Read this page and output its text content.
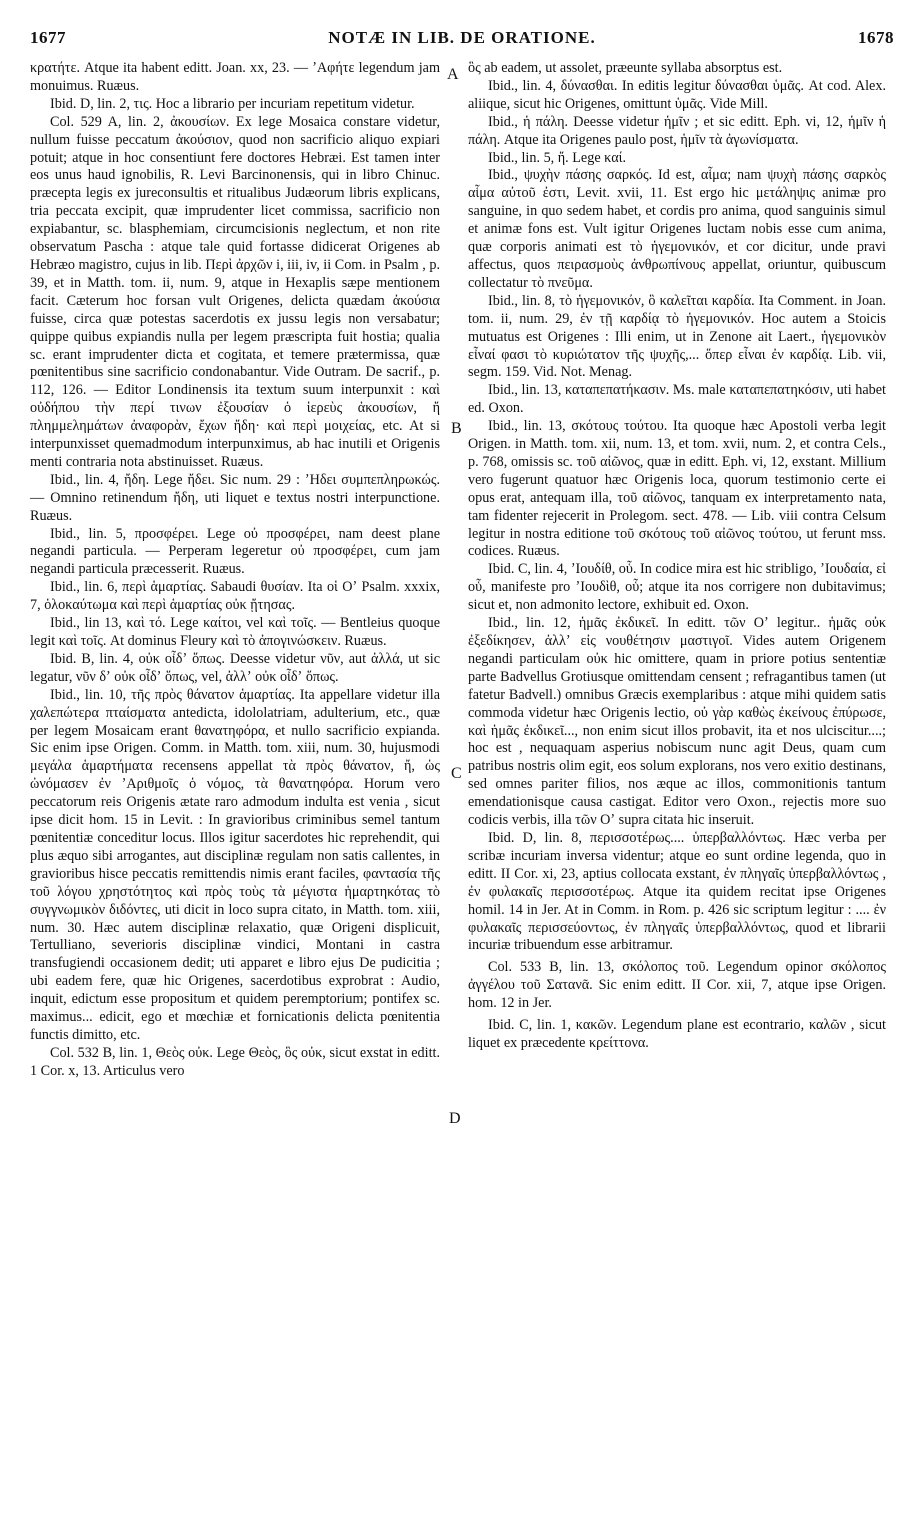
1677	NOTÆ IN LIB. DE ORATIONE.	1678
A
B
C
D

κρατήτε. Atque ita habent editt. Joan. xx, 23. — ʼΑφήτε legendum jam monuimus. Ruæus.

Ibid. D, lin. 2, τις. Hoc a librario per incuriam repetitum videtur.

Col. 529 A, lin. 2, ἀκουσίων. Ex lege Mosaica constare videtur, nullum fuisse peccatum ἀκούσιον, quod non sacrificio aliquo expiari potuit; atque in hoc consentiunt fere doctores Hebræi. Est tamen inter eos unus haud ignobilis, R. Levi Barcinonensis, qui in libro Chinuc. præcepta legis ex jureconsultis et ritualibus Judæorum libris explicans, tria peccata excipit, quæ imprudenter licet commissa, sacrificio non expiabantur, sc. blasphemiam, circumcisionis neglectum, et non rite observatum Pascha : atque tale quid fortasse didicerat Origenes ab Hebræo magistro, cujus in lib. Περὶ ἀρχῶν i, iii, iv, ii Com. in Psalm , p. 39, et in Matth. tom. ii, num. 9, atque in Hexaplis sæpe mentionem facit. Cæterum hoc forsan vult Origenes, delicta quædam ἀκούσια fuisse, circa quæ potestas sacerdotis ex jussu legis non versabatur; quippe quibus expiandis nulla per legem præscripta fuit hostia; qualia sc. erant imprudenter dicta et cogitata, et temere prætermissa, quæ pœnitentibus sine sacrificio condonabantur. Vide Outram. De sacrif., p. 112, 126. — Editor Londinensis ita textum suum interpunxit : καὶ οὐδήπου τὴν περί τινων ἐξουσίαν ὁ ἱερεὺς ἀκουσίων, ἤ πλημμελημάτων ἀναφορὰν, ἔχων ἤδη· καὶ περὶ μοιχείας, etc. At si interpunxisset quemadmodum interpunximus, ab hac inutili et Origenis menti contraria nota abstinuisset. Ruæus.

Ibid., lin. 4, ἤδη. Lege ἤδει. Sic num. 29 : ʼΗδει συμπεπληρωκώς. — Omnino retinendum ἤδη, uti liquet e textus nostri interpunctione. Ruæus.

Ibid., lin. 5, προσφέρει. Lege οὐ προσφέρει, nam deest plane negandi particula. — Perperam legeretur οὐ προσφέρει, cum jam negandi particula præcesserit. Ruæus.

Ibid., lin. 6, περὶ ἁμαρτίας. Sabaudi θυσίαν. Ita οἱ Οʼ Psalm. xxxix, 7, ὁλοκαύτωμα καὶ περὶ ἁμαρτίας οὐκ ᾔτησας.

Ibid., lin 13, καὶ τό. Lege καίτοι, vel καὶ τοῖς. — Bentleius quoque legit καὶ τοῖς. At dominus Fleury καὶ τὸ ἀπογινώσκειν. Ruæus.

Ibid. B, lin. 4, οὐκ οἶδʼ ὅπως. Deesse videtur νῦν, aut ἀλλά, ut sic legatur, νῦν δʼ οὐκ οἶδʼ ὅπως, vel, ἀλλʼ οὐκ οἶδʼ ὅπως.

Ibid., lin. 10, τῆς πρὸς θάνατον ἁμαρτίας. Ita appellare videtur illa χαλεπώτερα πταίσματα antedicta, idololatriam, adulterium, etc., quæ per legem Mosaicam erant θανατηφόρα, et nullo sacrificio expianda. Sic enim ipse Origen. Comm. in Matth. tom. xiii, num. 30, hujusmodi μεγάλα ἁμαρτήματα recensens appellat τὰ πρὸς θάνατον, ἤ, ὡς ὠνόμασεν ἐν ʼΑριθμοῖς ὁ νόμος, τὰ θανατηφόρα. Horum vero peccatorum reis Origenis ætate raro admodum indulta est venia , sicut ipse dicit hom. 15 in Levit. : In gravioribus criminibus semel tantum pœnitentiæ conceditur locus. Illos igitur sacerdotes hic reprehendit, qui plus æquo sibi arrogantes, aut disciplinæ regulam non satis callentes, in gravioribus hisce peccatis remittendis nimis erant faciles, φαντασία τῆς τοῦ λόγου χρηστότητος καὶ πρὸς τοὺς τὰ μέγιστα ἡμαρτηκότας τὸ συγγνωμικὸν διδόντες, uti dicit in loco supra citato, in Matth. tom. xiii, num. 30. Hæc autem disciplinæ relaxatio, quæ Origeni displicuit, Tertulliano, severioris disciplinæ vindici, Montani in castra transfugiendi occasionem dedit; uti apparet e libro ejus De pudicitia ; ubi eadem fere, quæ hic Origenes, sacerdotibus exprobrat : Audio, inquit, edictum esse propositum et quidem peremptorium; pontifex sc. maximus... edicit, ego et mœchiæ et fornicationis delicta pœnitentia functis dimitto, etc.

Col. 532 B, lin. 1, Θεὸς οὐκ. Lege Θεὸς, ὃς οὐκ, sicut exstat in editt. 1 Cor. x, 13. Articulus vero

ὃς ab eadem, ut assolet, præeunte syllaba absorptus est.

Ibid., lin. 4, δύνασθαι. In editis legitur δύνασθαι ὑμᾶς. At cod. Alex. aliique, sicut hic Origenes, omittunt ὑμᾶς. Vide Mill.

Ibid., ἡ πάλη. Deesse videtur ἡμῖν ; et sic editt. Eph. vi, 12, ἡμῖν ἡ πάλη. Atque ita Origenes paulo post, ἡμῖν τὰ ἀγωνίσματα.

Ibid., lin. 5, ἤ. Lege καί.

Ibid., ψυχὴν πάσης σαρκός. Id est, αἷμα; nam ψυχὴ πάσης σαρκὸς αἷμα αὐτοῦ ἐστι, Levit. xvii, 11. Est ergo hic μετάληψις animæ pro sanguine, in quo sedem habet, et cordis pro anima, quod sanguinis simul et animæ fons est. Vult igitur Origenes luctam nobis esse cum anima, quæ corporis animati est τὸ ἡγεμονικόν, et cor dicitur, unde pravi affectus, quos πειρασμοὺς ἀνθρωπίνους appellat, oriuntur, quibuscum collectatur τὸ πνεῦμα.

Ibid., lin. 8, τὸ ἡγεμονικόν, ὃ καλεῖται καρδία. Ita Comment. in Joan. tom. ii, num. 29, ἐν τῇ καρδίᾳ τὸ ἡγεμονικόν. Hoc autem a Stoicis mutuatus est Origenes : Illi enim, ut in Zenone ait Laert., ἡγεμονικὸν εἶναί φασι τὸ κυριώτατον τῆς ψυχῆς,... ὅπερ εἶναι ἐν καρδίᾳ. Lib. vii, segm. 159. Vid. Not. Menag.

Ibid., lin. 13, καταπεπατήκασιν. Ms. male καταπεπατηκόσιν, uti habet ed. Oxon.

Ibid., lin. 13, σκότους τούτου. Ita quoque hæc Apostoli verba legit Origen. in Matth. tom. xii, num. 13, et tom. xvii, num. 2, et contra Cels., p. 768, omissis sc. τοῦ αἰῶνος, quæ in editt. Eph. vi, 12, exstant. Millium vero fugerunt quatuor hæc Origenis loca, quorum testimonio certe ei opus erat, antequam illa, τοῦ αἰῶνος, tanquam ex interpretamento nata, tam fidenter rejecerit in Prolegom. sect. 478. — Lib. viii contra Celsum legitur in nostra editione τοῦ σκότους τοῦ αἰῶνος τούτου, ut ferunt mss. codices. Ruæus.

Ibid. C, lin. 4, ʼΙουδίθ, οὗ. In codice mira est hic stribligo, ʼΙουδαία, εἰ οὗ, manifeste pro ʼΙουδὶθ, οὗ; atque ita nos corrigere non dubitavimus; sicut et, non admonito lectore, exhibuit ed. Oxon.

Ibid., lin. 12, ἡμᾶς ἐκδικεῖ. In editt. τῶν Οʼ legitur.. ἡμᾶς οὐκ ἐξεδίκησεν, ἀλλʼ εἰς νουθέτησιν μαστιγοῖ. Vides autem Origenem negandi particulam οὐκ hic omittere, quam in priore potius sententiæ parte Badvellus Grotiusque omittendam censent ; refragantibus tamen (ut fatetur Badvell.) omnibus Græcis exemplaribus : atque mihi quidem satis commoda videtur hæc Origenis lectio, οὐ γὰρ καθὼς ἐκείνους ἐπύρωσε, καὶ ἡμᾶς ἐκδικεῖ..., non enim sicut illos probavit, ita et nos ulciscitur....; hoc est , nequaquam asperius nobiscum nunc agit Deus, quam cum patribus nostris olim egit, eos solum explorans, nos vero exitio destinans, sed omnes pariter filios, nos æque ac illos, commonitionis tantum emendationisque causa castigat. Editor vero Oxon., rejectis more suo codicis verbis, illa τῶν Οʼ supra citata hic inseruit.

Ibid. D, lin. 8, περισσοτέρως.... ὑπερβαλλόντως. Hæc verba per scribæ incuriam inversa videntur; atque eo sunt ordine legenda, quo in editt. II Cor. xi, 23, aptius collocata exstant, ἐν πληγαῖς ὑπερβαλλόντως , ἐν φυλακαῖς περισσοτέρως. Atque ita quidem recitat ipse Origenes homil. 14 in Jer. At in Comm. in Rom. p. 426 sic scriptum legitur : .... ἐν φυλακαῖς περισσεύοντως, ἐν πληγαῖς ὑπερβαλλόντως, quod et librarii incuriæ tribuendum esse arbitramur.

Col. 533 B, lin. 13, σκόλοπος τοῦ. Legendum opinor σκόλοπος ἀγγέλου τοῦ Σατανᾶ. Sic enim editt. II Cor. xii, 7, atque ipse Origen. hom. 12 in Jer.

Ibid. C, lin. 1, κακῶν. Legendum plane est econtrario, καλῶν , sicut liquet ex præcedente κρείττονα.
